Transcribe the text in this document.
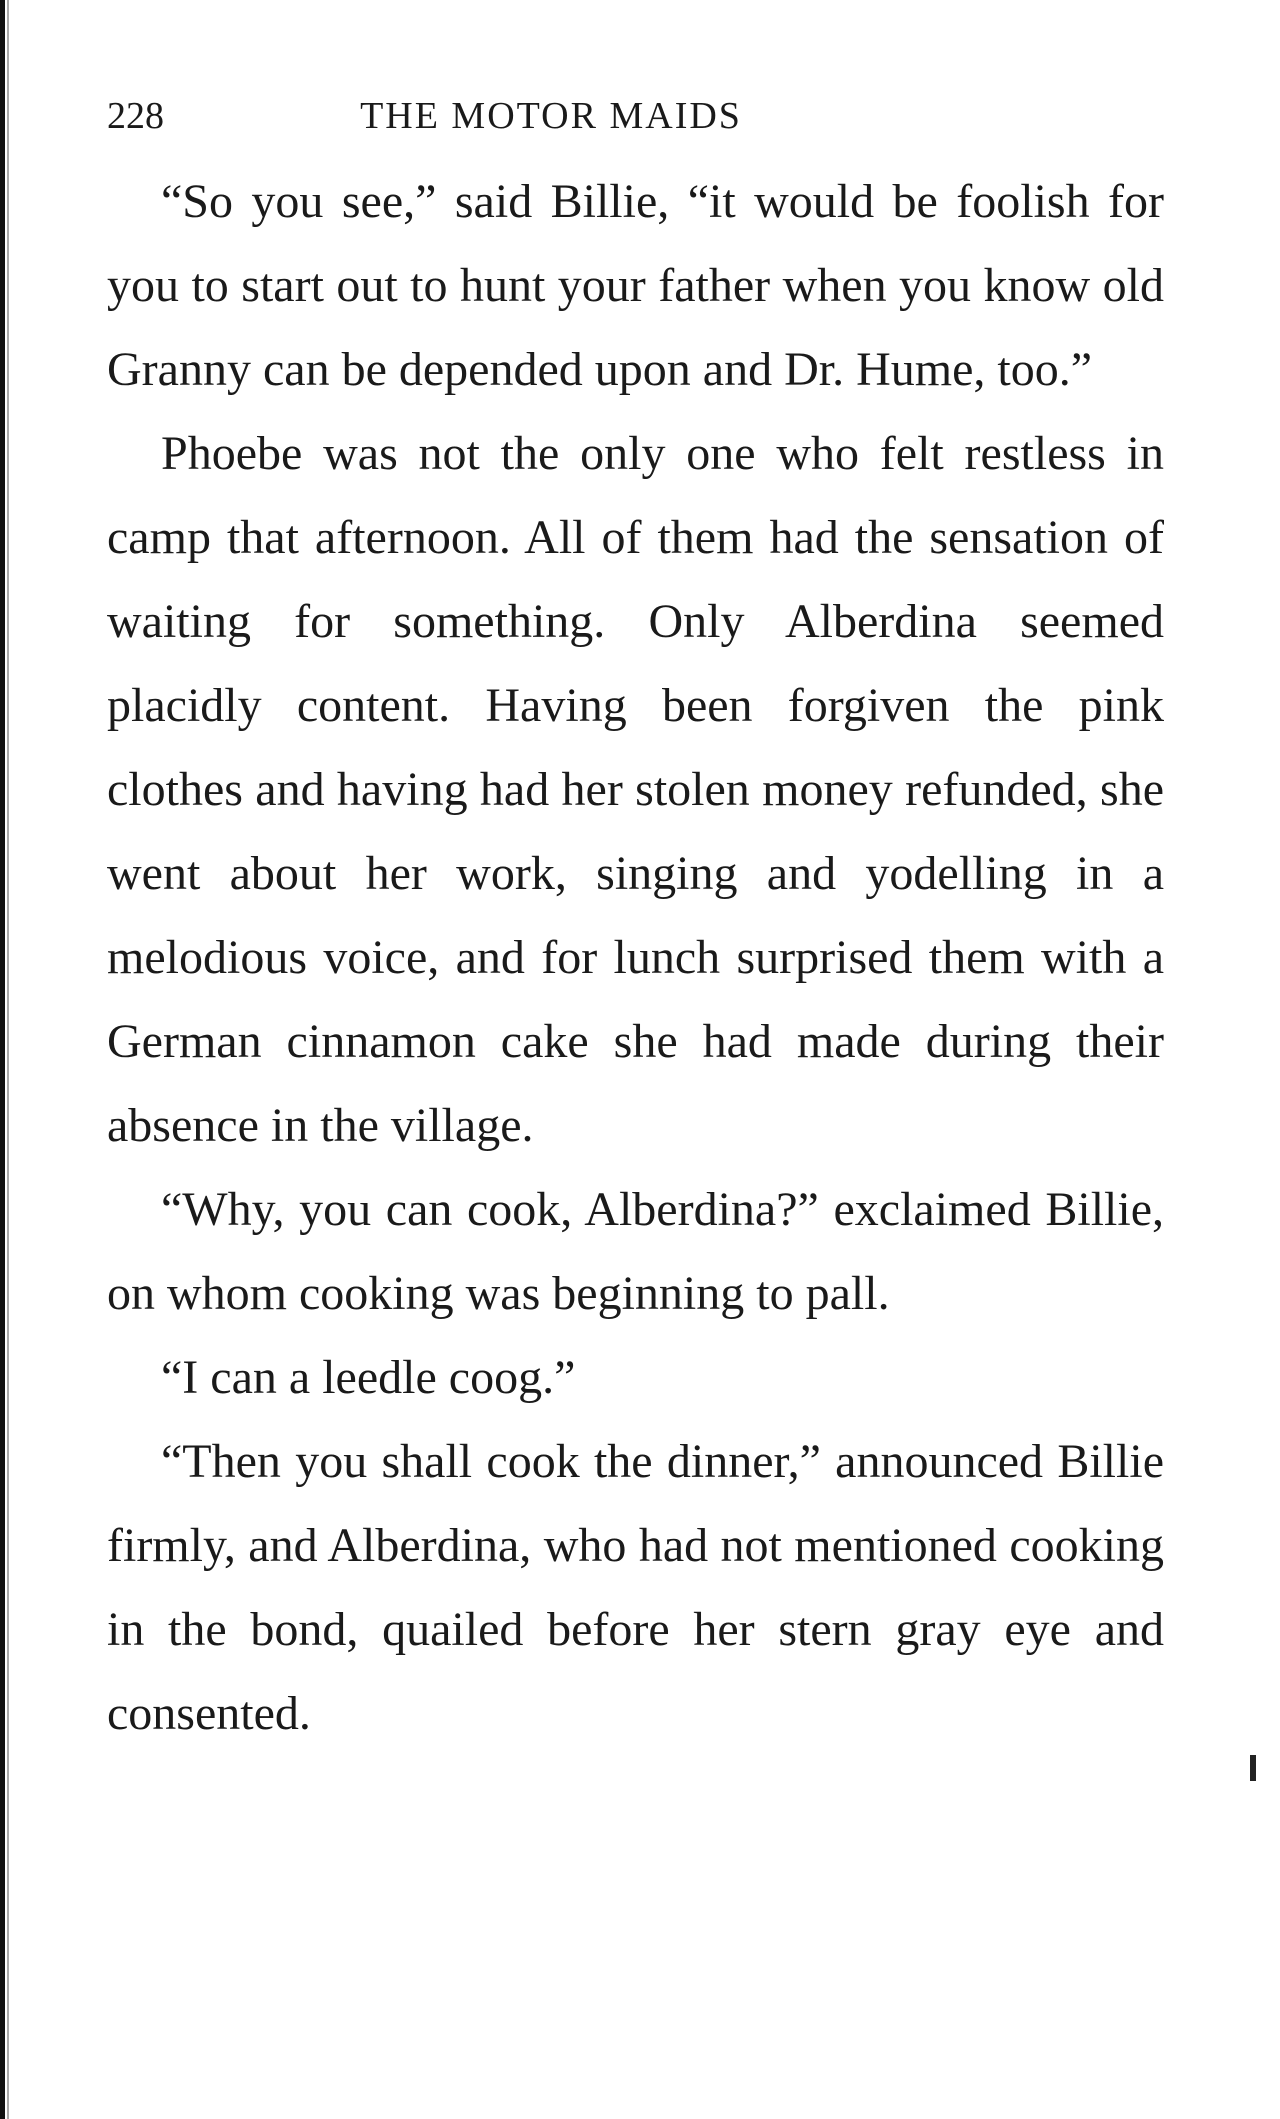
228	THE MOTOR MAIDS

“So you see,” said Billie, “it would be foolish for you to start out to hunt your father when you know old Granny can be depended upon and Dr. Hume, too.”

Phoebe was not the only one who felt restless in camp that afternoon. All of them had the sensation of waiting for something. Only Alberdina seemed placidly content. Having been forgiven the pink clothes and having had her stolen money refunded, she went about her work, singing and yodelling in a melodious voice, and for lunch surprised them with a German cinnamon cake she had made during their absence in the village.

“Why, you can cook, Alberdina?” exclaimed Billie, on whom cooking was beginning to pall.

“I can a leedle coog.”

“Then you shall cook the dinner,” announced Billie firmly, and Alberdina, who had not mentioned cooking in the bond, quailed before her stern gray eye and consented.
